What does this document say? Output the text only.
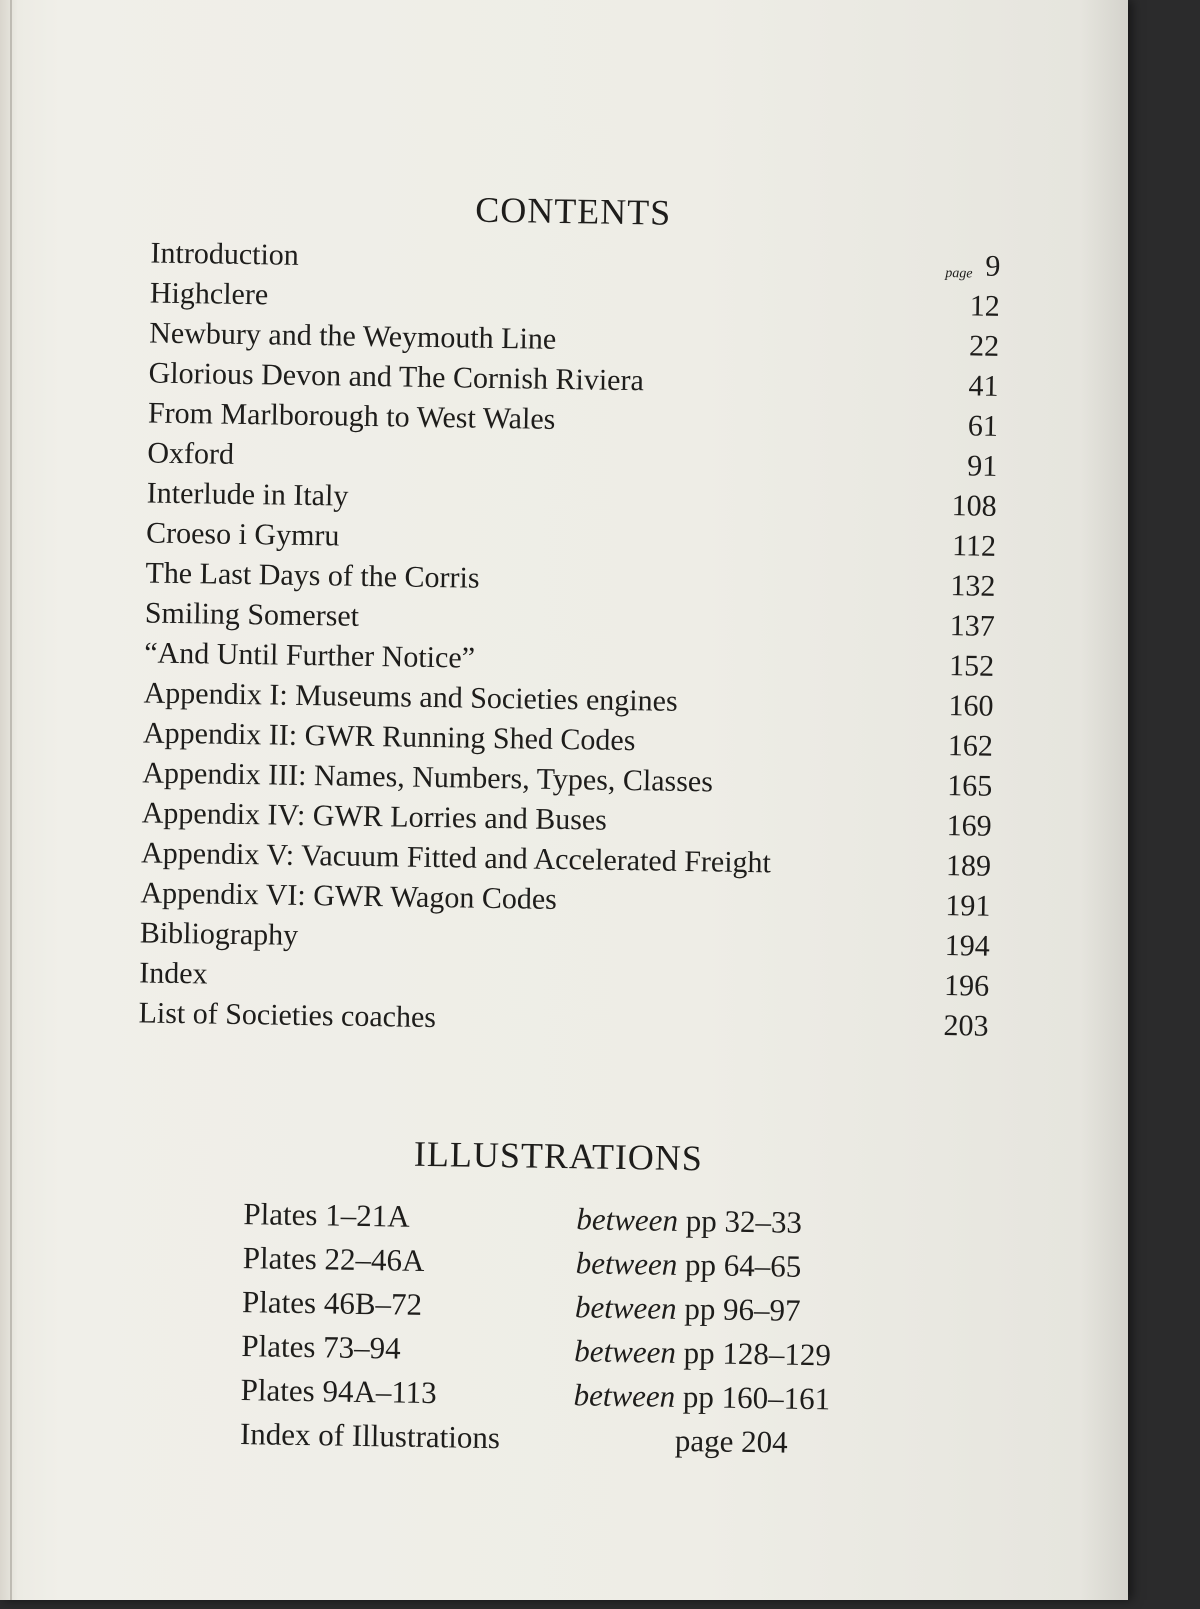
CONTENTS
page
Introduction	9
Highclere	12
Newbury and the Weymouth Line	22
Glorious Devon and The Cornish Riviera	41
From Marlborough to West Wales	61
Oxford	91
Interlude in Italy	108
Croeso i Gymru	112
The Last Days of the Corris	132
Smiling Somerset	137
“And Until Further Notice”	152
Appendix I: Museums and Societies engines	160
Appendix II: GWR Running Shed Codes	162
Appendix III: Names, Numbers, Types, Classes	165
Appendix IV: GWR Lorries and Buses	169
Appendix V: Vacuum Fitted and Accelerated Freight	189
Appendix VI: GWR Wagon Codes	191
Bibliography	194
Index	196
List of Societies coaches	203
ILLUSTRATIONS
Plates 1–21A	between pp 32–33
Plates 22–46A	between pp 64–65
Plates 46B–72	between pp 96–97
Plates 73–94	between pp 128–129
Plates 94A–113	between pp 160–161
Index of Illustrations	page 204
